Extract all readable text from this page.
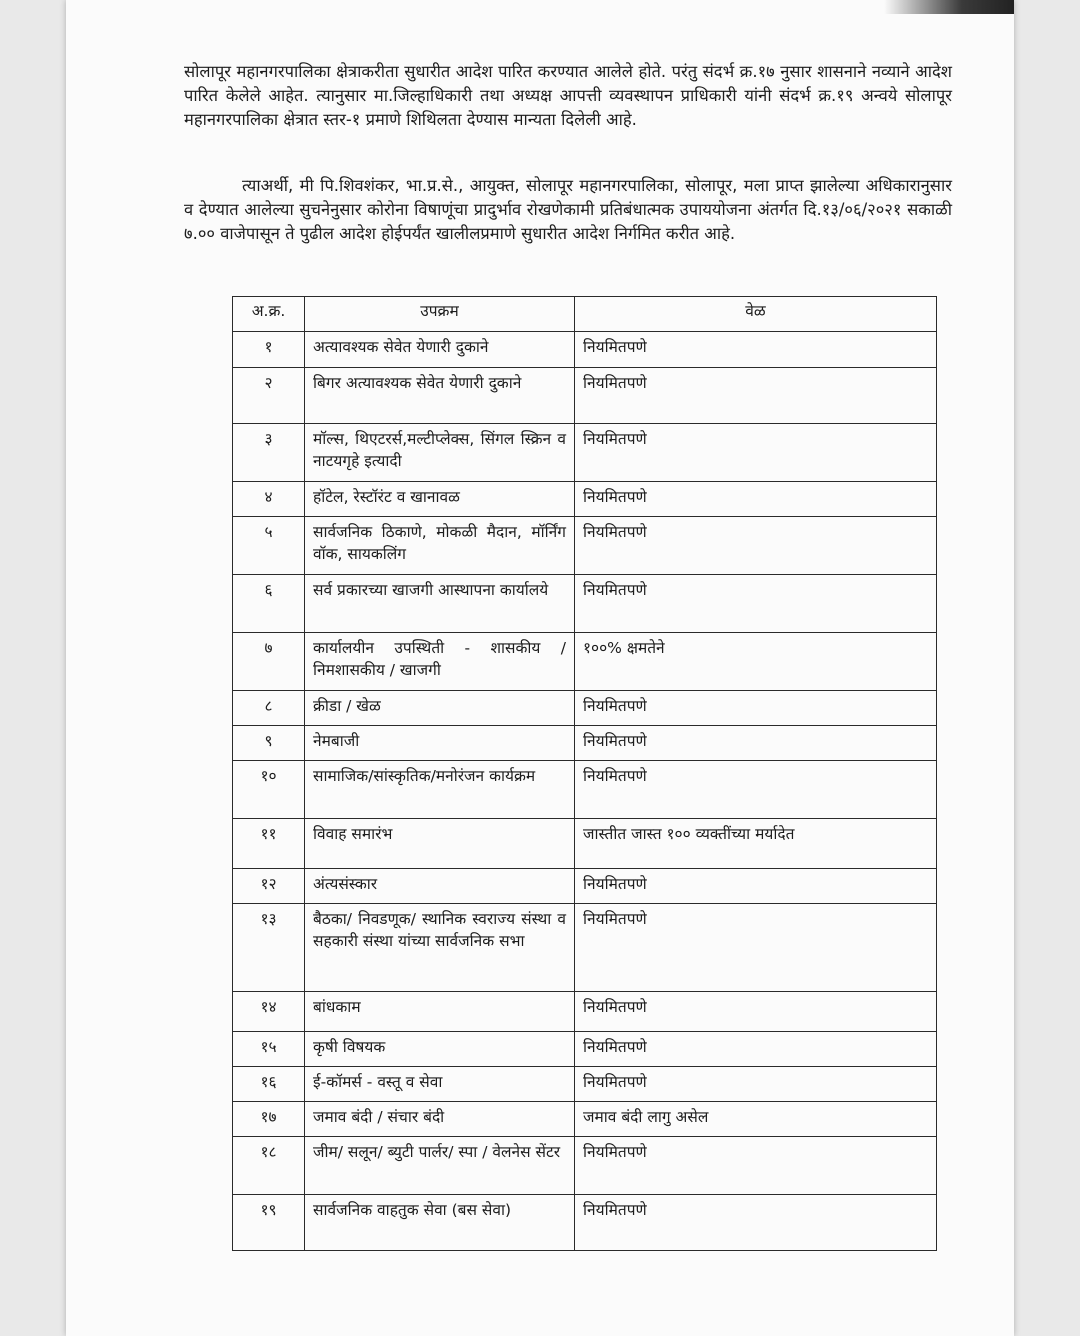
सोलापूर महानगरपालिका क्षेत्राकरीता सुधारीत आदेश पारित करण्यात आलेले होते. परंतु संदर्भ क्र.१७ नुसार शासनाने नव्याने आदेश पारित केलेले आहेत. त्यानुसार मा.जिल्हाधिकारी तथा अध्यक्ष आपत्ती व्यवस्थापन प्राधिकारी यांनी संदर्भ क्र.१९ अन्वये सोलापूर महानगरपालिका क्षेत्रात स्तर-१ प्रमाणे शिथिलता देण्यास मान्यता दिलेली आहे.

त्याअर्थी, मी पि.शिवशंकर, भा.प्र.से., आयुक्त, सोलापूर महानगरपालिका, सोलापूर, मला प्राप्त झालेल्या अधिकारानुसार व देण्यात आलेल्या सुचनेनुसार कोरोना विषाणूंचा प्रादुर्भाव रोखणेकामी प्रतिबंधात्मक उपाययोजना अंतर्गत दि.१३/०६/२०२१ सकाळी ७.०० वाजेपासून ते पुढील आदेश होईपर्यंत खालीलप्रमाणे सुधारीत आदेश निर्गमित करीत आहे.

अ.क्र.	उपक्रम	वेळ
१	अत्यावश्यक सेवेत येणारी दुकाने	नियमितपणे
२	बिगर अत्यावश्यक सेवेत येणारी दुकाने	नियमितपणे
३	मॉल्स, थिएटरर्स,मल्टीप्लेक्स, सिंगल स्क्रिन व नाटयगृहे इत्यादी	नियमितपणे
४	हॉटेल, रेस्टॉरंट व खानावळ	नियमितपणे
५	सार्वजनिक ठिकाणे, मोकळी मैदान, मॉर्निंग वॉक, सायकलिंग	नियमितपणे
६	सर्व प्रकारच्या खाजगी आस्थापना कार्यालये	नियमितपणे
७	कार्यालयीन उपस्थिती - शासकीय / निमशासकीय / खाजगी	१००% क्षमतेने
८	क्रीडा / खेळ	नियमितपणे
९	नेमबाजी	नियमितपणे
१०	सामाजिक/सांस्कृतिक/मनोरंजन कार्यक्रम	नियमितपणे
११	विवाह समारंभ	जास्तीत जास्त १०० व्यक्तींच्या मर्यादेत
१२	अंत्यसंस्कार	नियमितपणे
१३	बैठका/ निवडणूक/ स्थानिक स्वराज्य संस्था व सहकारी संस्था यांच्या सार्वजनिक सभा	नियमितपणे
१४	बांधकाम	नियमितपणे
१५	कृषी विषयक	नियमितपणे
१६	ई-कॉमर्स - वस्तू व सेवा	नियमितपणे
१७	जमाव बंदी / संचार बंदी	जमाव बंदी लागु असेल
१८	जीम/ सलून/ ब्युटी पार्लर/ स्पा / वेलनेस सेंटर	नियमितपणे
१९	सार्वजनिक वाहतुक सेवा (बस सेवा)	नियमितपणे
